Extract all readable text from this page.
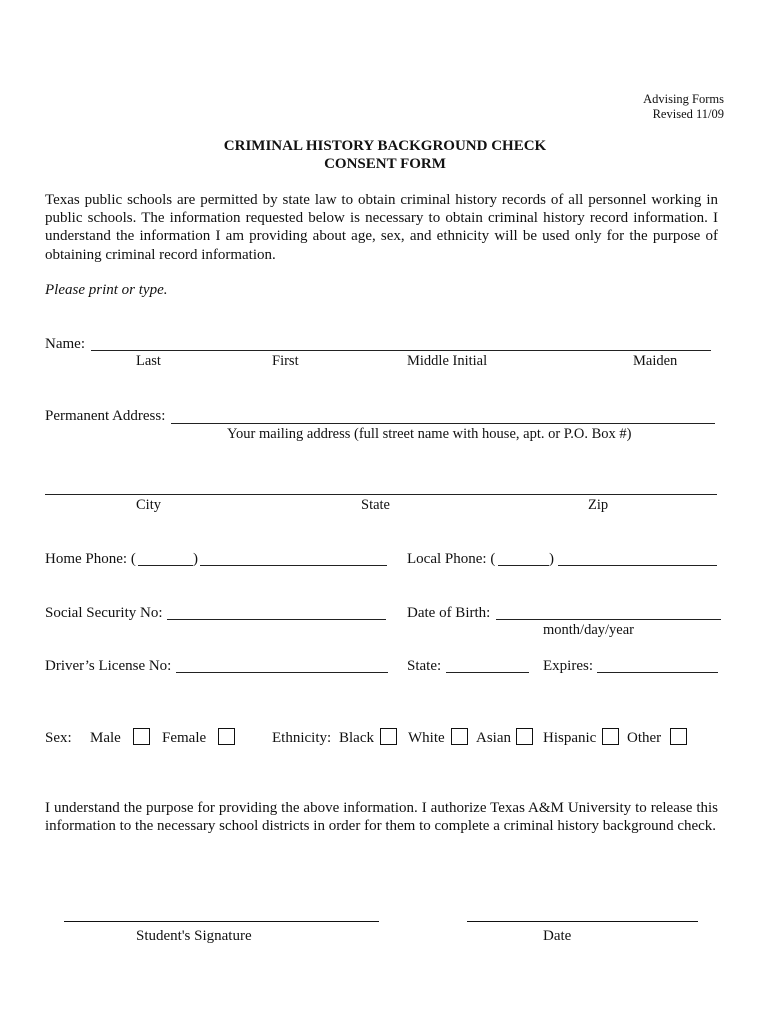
Advising Forms
Revised 11/09
CRIMINAL HISTORY BACKGROUND CHECK
CONSENT FORM
Texas public schools are permitted by state law to obtain criminal history records of all personnel working in public schools. The information requested below is necessary to obtain criminal history record information. I understand the information I am providing about age, sex, and ethnicity will be used only for the purpose of obtaining criminal record information.
Please print or type.
Name:
Last	First	Middle Initial	Maiden
Permanent Address:
Your mailing address (full street name with house, apt. or P.O. Box #)
City	State	Zip
Home Phone: (	)	Local Phone: (	)
Social Security No:	Date of Birth:
month/day/year
Driver’s License No:	State:	Expires:
Sex: Male	Female	Ethnicity: Black White Asian Hispanic Other
I understand the purpose for providing the above information. I authorize Texas A&M University to release this information to the necessary school districts in order for them to complete a criminal history background check.
Student's Signature	Date
